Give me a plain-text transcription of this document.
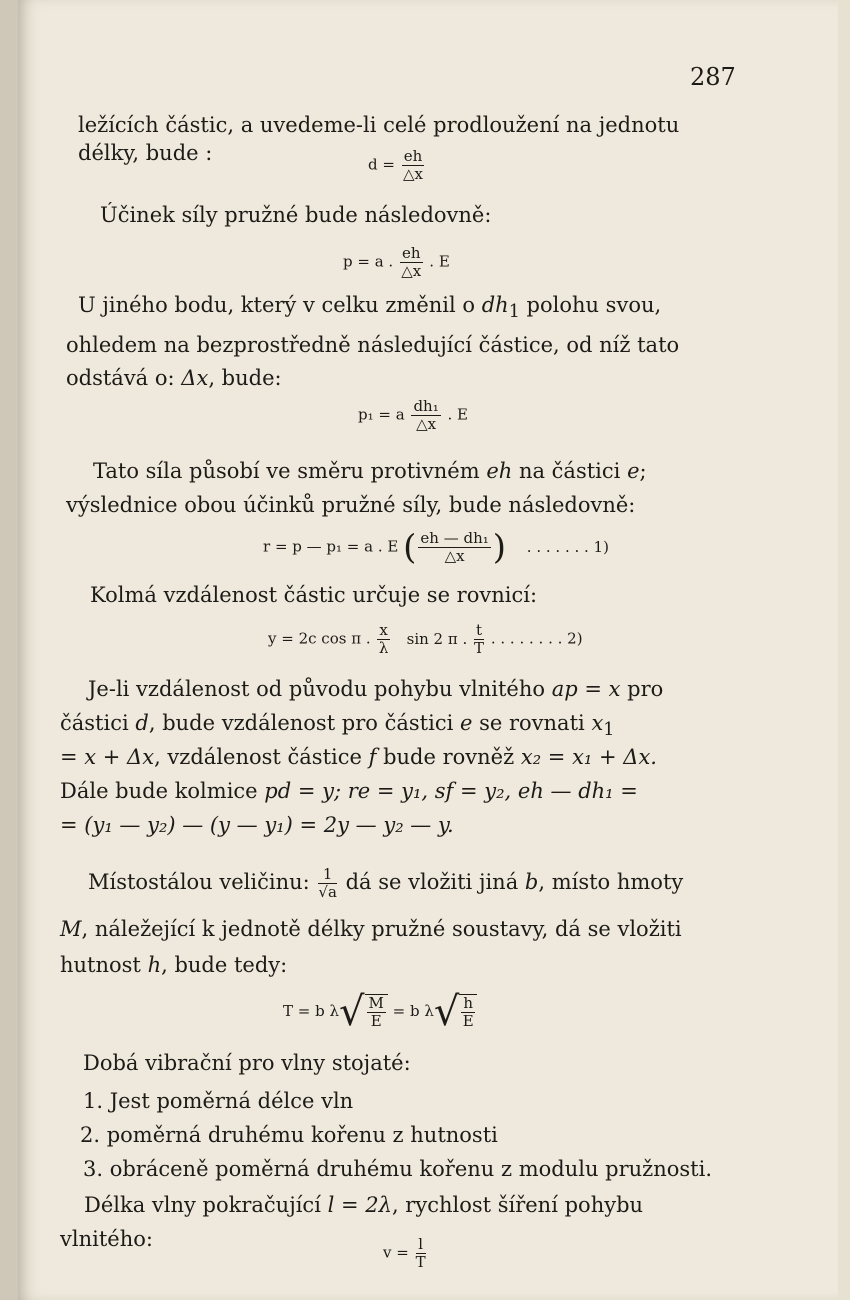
287
ležících částic, a uvedeme-li celé prodloužení na jednotu
délky, bude :	$d = \frac{eh}{\triangle x}$
Účinek síly pružné bude následovně:
p = a . $\frac{eh}{\triangle x}$ . E
U jiného bodu, který v celku změnil o $dh_1$ polohu svou,
ohledem na bezprostředně následující částice, od níž tato
odstává o: Δx, bude:
p₁ = a $\frac{\text{dh₁}}{\triangle x}$ . E
Tato síla působí ve směru protivném eh na částici e;
výslednice obou účinků pružné síly, bude následovně:
r = p — p₁ = a . E ( $\frac{\text{eh — dh₁}}{\triangle x}$ ) . . . . . . . 1)
Kolmá vzdálenost částic určuje se rovnicí:
y = 2c cos π . $\frac{x}{\lambda}$ sin 2 π . $\frac{t}{T}$ . . . . . . . . 2)
Je-li vzdálenost od původu pohybu vlnitého ap = x pro
částici d, bude vzdálenost pro částici e se rovnati $x_1$
= x + Δx, vzdálenost částice f bude rovněž x₂ = x₁ + Δx.
Dále bude kolmice pd = y; re = y₁, sf = y₂, eh — dh₁ =
= (y₁ — y₂) — (y — y₁) = 2y — y₂ — y.
Místostálou veličinu: $\frac{1}{√a}$ dá se vložiti jiná b, místo hmoty
M, náležející k jednotě délky pružné soustavy, dá se vložiti
hutnost h, bude tedy:
T = b $\lambda√ \frac{M}{E} = b$ $\lambda√ \frac{h}{E}$
Dobá vibrační pro vlny stojaté:
1. Jest poměrná délce vln
2. poměrná druhému kořenu z hutnosti
3. obráceně poměrná druhému kořenu z modulu pružnosti.
Délka vlny pokračující l = 2λ, rychlost šíření pohybu
vlnitého:
$v = \frac{l}{T}$
